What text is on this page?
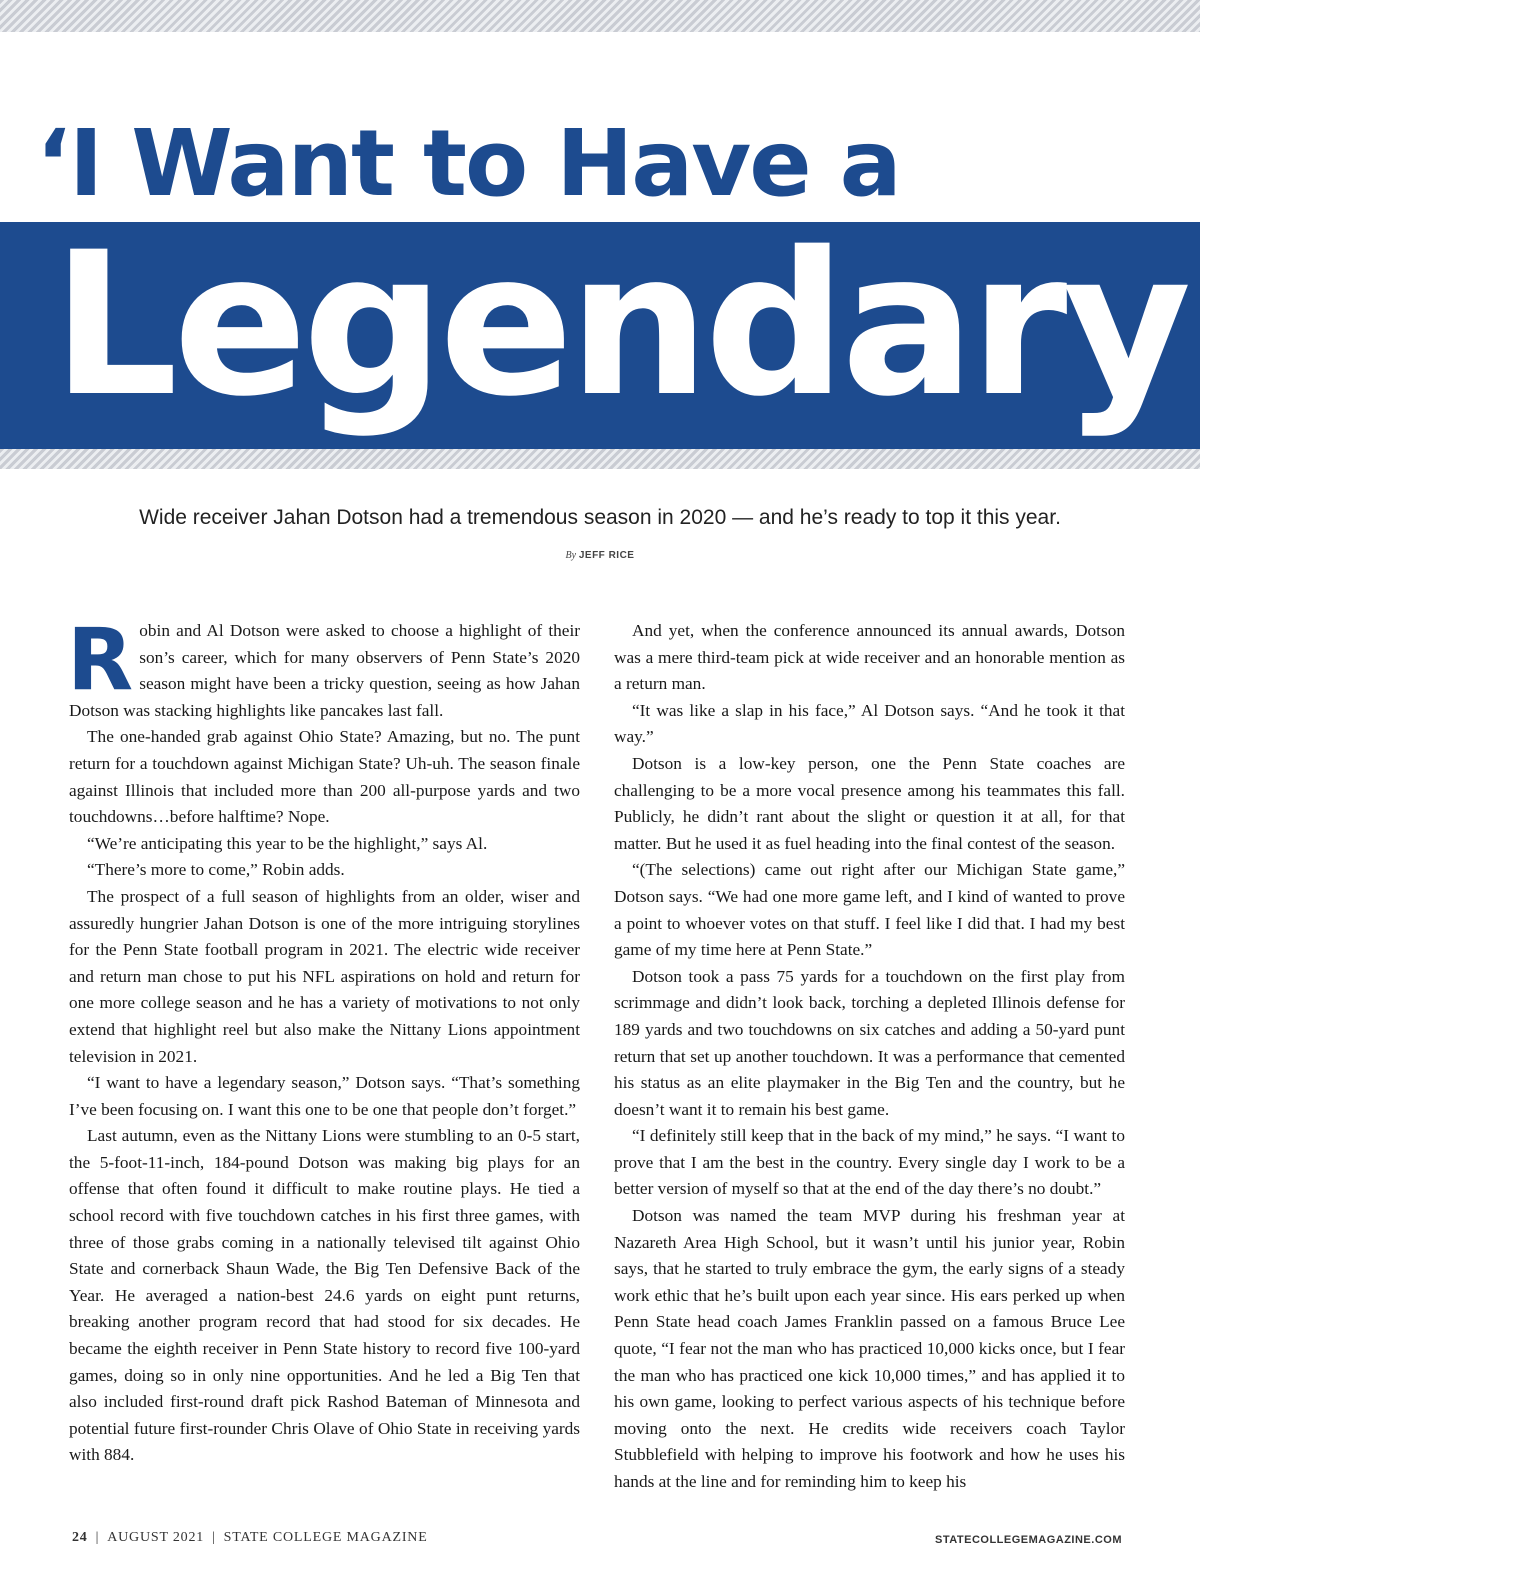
‘I Want to Have a
Legendary Se
Wide receiver Jahan Dotson had a tremendous season in 2020 — and he’s ready to top it this year.
By JEFF RICE

Robin and Al Dotson were asked to choose a highlight of their son’s career, which for many observers of Penn State’s 2020 season might have been a tricky question, seeing as how Jahan Dotson was stacking highlights like pancakes last fall.

The one-handed grab against Ohio State? Amazing, but no. The punt return for a touchdown against Michigan State? Uh-uh. The season finale against Illinois that included more than 200 all-purpose yards and two touchdowns…before halftime? Nope.

“We’re anticipating this year to be the highlight,” says Al.

“There’s more to come,” Robin adds.

The prospect of a full season of highlights from an older, wiser and assuredly hungrier Jahan Dotson is one of the more intriguing storylines for the Penn State football program in 2021. The electric wide receiver and return man chose to put his NFL aspirations on hold and return for one more college season and he has a variety of motivations to not only extend that highlight reel but also make the Nittany Lions appointment television in 2021.

“I want to have a legendary season,” Dotson says. “That’s something I’ve been focusing on. I want this one to be one that people don’t forget.”

Last autumn, even as the Nittany Lions were stumbling to an 0-5 start, the 5-foot-11-inch, 184-pound Dotson was making big plays for an offense that often found it difficult to make routine plays. He tied a school record with five touchdown catches in his first three games, with three of those grabs coming in a nationally televised tilt against Ohio State and cornerback Shaun Wade, the Big Ten Defensive Back of the Year. He averaged a nation-best 24.6 yards on eight punt returns, breaking another program record that had stood for six decades. He became the eighth receiver in Penn State history to record five 100-yard games, doing so in only nine opportunities. And he led a Big Ten that also included first-round draft pick Rashod Bateman of Minnesota and potential future first-rounder Chris Olave of Ohio State in receiving yards with 884.

And yet, when the conference announced its annual awards, Dotson was a mere third-team pick at wide receiver and an honorable mention as a return man.

“It was like a slap in his face,” Al Dotson says. “And he took it that way.”

Dotson is a low-key person, one the Penn State coaches are challenging to be a more vocal presence among his teammates this fall. Publicly, he didn’t rant about the slight or question it at all, for that matter. But he used it as fuel heading into the final contest of the season.

“(The selections) came out right after our Michigan State game,” Dotson says. “We had one more game left, and I kind of wanted to prove a point to whoever votes on that stuff. I feel like I did that. I had my best game of my time here at Penn State.”

Dotson took a pass 75 yards for a touchdown on the first play from scrimmage and didn’t look back, torching a depleted Illinois defense for 189 yards and two touchdowns on six catches and adding a 50-yard punt return that set up another touchdown. It was a performance that cemented his status as an elite playmaker in the Big Ten and the country, but he doesn’t want it to remain his best game.

“I definitely still keep that in the back of my mind,” he says. “I want to prove that I am the best in the country. Every single day I work to be a better version of myself so that at the end of the day there’s no doubt.”

Dotson was named the team MVP during his freshman year at Nazareth Area High School, but it wasn’t until his junior year, Robin says, that he started to truly embrace the gym, the early signs of a steady work ethic that he’s built upon each year since. His ears perked up when Penn State head coach James Franklin passed on a famous Bruce Lee quote, “I fear not the man who has practiced 10,000 kicks once, but I fear the man who has practiced one kick 10,000 times,” and has applied it to his own game, looking to perfect various aspects of his technique before moving onto the next. He credits wide receivers coach Taylor Stubblefield with helping to improve his footwork and how he uses his hands at the line and for reminding him to keep his

24 | AUGUST 2021 | STATE COLLEGE MAGAZINE	STATECOLLEGEMAGAZINE.COM
